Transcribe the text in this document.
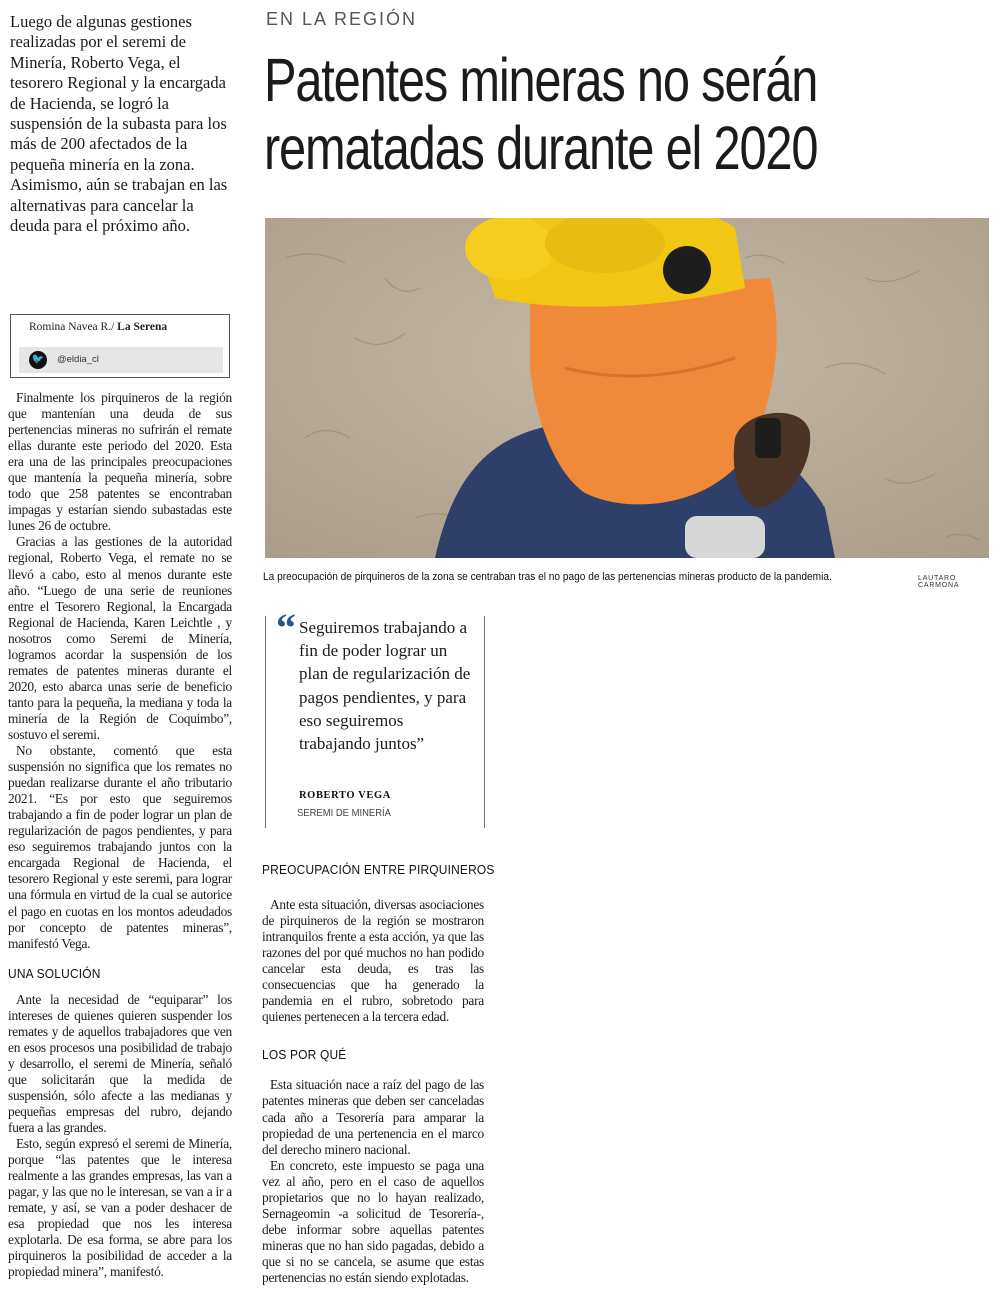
Luego de algunas gestiones realizadas por el seremi de Minería, Roberto Vega, el tesorero Regional y la encargada de Hacienda, se logró la suspensión de la subasta para los más de 200 afectados de la pequeña minería en la zona. Asimismo, aún se trabajan en las alternativas para cancelar la deuda para el próximo año.
Romina Navea R./ La Serena
🐦 @eldia_cl

Finalmente los pirquineros de la región que mantenían una deuda de sus pertenencias mineras no sufrirán el remate ellas durante este periodo del 2020. Esta era una de las principales preocupaciones que mantenía la pequeña minería, sobre todo que 258 patentes se encontraban impagas y estarían siendo subastadas este lunes 26 de octubre.

Gracias a las gestiones de la autoridad regional, Roberto Vega, el remate no se llevó a cabo, esto al menos durante este año. “Luego de una serie de reuniones entre el Tesorero Regional, la Encargada Regional de Hacienda, Karen Leichtle , y nosotros como Seremi de Minería, logramos acordar la suspensión de los remates de patentes mineras durante el 2020, esto abarca unas serie de beneficio tanto para la pequeña, la mediana y toda la minería de la Región de Coquimbo”, sostuvo el seremi.

No obstante, comentó que esta suspensión no significa que los remates no puedan realizarse durante el año tributario 2021. “Es por esto que seguiremos trabajando a fin de poder lograr un plan de regularización de pagos pendientes, y para eso seguiremos trabajando juntos con la encargada Regional de Hacienda, el tesorero Regional y este seremi, para lograr una fórmula en virtud de la cual se autorice el pago en cuotas en los montos adeudados por concepto de patentes mineras”, manifestó Vega.

UNA SOLUCIÓN

Ante la necesidad de “equiparar” los intereses de quienes quieren suspender los remates y de aquellos trabajadores que ven en esos procesos una posibilidad de trabajo y desarrollo, el seremi de Minería, señaló que solicitarán que la medida de suspensión, sólo afecte a las medianas y pequeñas empresas del rubro, dejando fuera a las grandes.

Esto, según expresó el seremi de Minería, porque “las patentes que le interesa realmente a las grandes empresas, las van a pagar, y las que no le interesan, se van a ir a remate, y así, se van a poder deshacer de esa propiedad que nos les interesa explotarla. De esa forma, se abre para los pirquineros la posibilidad de acceder a la propiedad minera”, manifestó.

EN LA REGIÓN
Patentes mineras no serán rematadas durante el 2020
La preocupación de pirquineros de la zona se centraban tras el no pago de las pertenencias mineras producto de la pandemia.	LAUTARO CARMONA
“ Seguiremos trabajando a fin de poder lograr un plan de regularización de pagos pendientes, y para eso seguiremos trabajando juntos”
ROBERTO VEGA
SEREMI DE MINERÍA
PREOCUPACIÓN ENTRE PIRQUINEROS

Ante esta situación, diversas asociaciones de pirquineros de la región se mostraron intranquilos frente a esta acción, ya que las razones del por qué muchos no han podido cancelar esta deuda, es tras las consecuencias que ha generado la pandemia en el rubro, sobretodo para quienes pertenecen a la tercera edad.

LOS POR QUÉ

Esta situación nace a raíz del pago de las patentes mineras que deben ser canceladas cada año a Tesorería para amparar la propiedad de una pertenencia en el marco del derecho minero nacional.

En concreto, este impuesto se paga una vez al año, pero en el caso de aquellos propietarios que no lo hayan realizado, Sernageomin -a solicitud de Tesorería-, debe informar sobre aquellas patentes mineras que no han sido pagadas, debido a que si no se cancela, se asume que estas pertenencias no están siendo explotadas.
